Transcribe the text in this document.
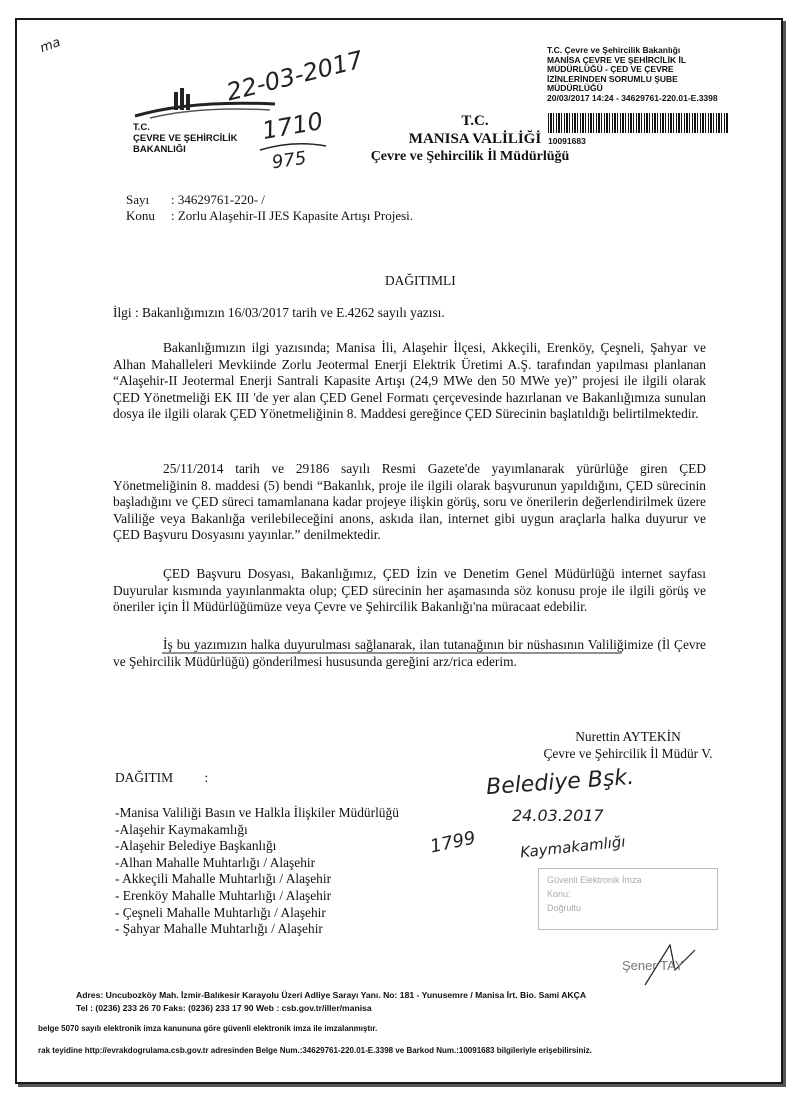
ma
T.C.
ÇEVRE VE ŞEHİRCİLİK
BAKANLIĞI
22-03-2017
1710
975
T.C.
MANISA VALİLİĞİ
Çevre ve Şehircilik İl Müdürlüğü
T.C. Çevre ve Şehircilik Bakanlığı
MANİSA ÇEVRE VE ŞEHİRCİLİK İL
MÜDÜRLÜĞÜ - ÇED VE ÇEVRE
İZİNLERİNDEN SORUMLU ŞUBE
MÜDÜRLÜĞÜ
20/03/2017 14:24 - 34629761-220.01-E.3398
10091683
Sayı : 34629761-220- /
Konu : Zorlu Alaşehir-II JES Kapasite Artışı Projesi.
DAĞITIMLI
İlgi : Bakanlığımızın 16/03/2017 tarih ve E.4262 sayılı yazısı.
Bakanlığımızın ilgi yazısında; Manisa İli, Alaşehir İlçesi, Akkeçili, Erenköy, Çeşneli, Şahyar ve Alhan Mahalleleri Mevkiinde Zorlu Jeotermal Enerji Elektrik Üretimi A.Ş. tarafından yapılması planlanan “Alaşehir-II Jeotermal Enerji Santrali Kapasite Artışı (24,9 MWe den 50 MWe ye)” projesi ile ilgili olarak ÇED Yönetmeliği EK III 'de yer alan ÇED Genel Formatı çerçevesinde hazırlanan ve Bakanlığımıza sunulan dosya ile ilgili olarak ÇED Yönetmeliğinin 8. Maddesi gereğince ÇED Sürecinin başlatıldığı belirtilmektedir.
25/11/2014 tarih ve 29186 sayılı Resmi Gazete'de yayımlanarak yürürlüğe giren ÇED Yönetmeliğinin 8. maddesi (5) bendi “Bakanlık, proje ile ilgili olarak başvurunun yapıldığını, ÇED sürecinin başladığını ve ÇED süreci tamamlanana kadar projeye ilişkin görüş, soru ve önerilerin değerlendirilmek üzere Valiliğe veya Bakanlığa verilebileceğini anons, askıda ilan, internet gibi uygun araçlarla halka duyurur ve ÇED Başvuru Dosyasını yayınlar.” denilmektedir.
ÇED Başvuru Dosyası, Bakanlığımız, ÇED İzin ve Denetim Genel Müdürlüğü internet sayfası Duyurular kısmında yayınlanmakta olup; ÇED sürecinin her aşamasında söz konusu proje ile ilgili görüş ve öneriler için İl Müdürlüğümüze veya Çevre ve Şehircilik Bakanlığı'na müracaat edebilir.
İş bu yazımızın halka duyurulması sağlanarak, ilan tutanağının bir nüshasının Valiliğimize (İl Çevre ve Şehircilik Müdürlüğü) gönderilmesi hususunda gereğini arz/rica ederim.
Nurettin AYTEKİN
Çevre ve Şehircilik İl Müdür V.
DAĞITIM :
-Manisa Valiliği Basın ve Halkla İlişkiler Müdürlüğü
-Alaşehir Kaymakamlığı
-Alaşehir Belediye Başkanlığı
-Alhan Mahalle Muhtarlığı / Alaşehir
- Akkeçili Mahalle Muhtarlığı / Alaşehir
- Erenköy Mahalle Muhtarlığı / Alaşehir
- Çeşneli Mahalle Muhtarlığı / Alaşehir
- Şahyar Mahalle Muhtarlığı / Alaşehir
Belediye Bşk.
24.03.2017
1799	Kaymakamlığı
Güvenli Elektronik İmza
Konu:
Doğrultu
Şener TAY
Adres: Uncubozköy Mah. İzmir-Balıkesir Karayolu Üzeri Adliye Sarayı Yanı. No: 181 - Yunusemre / Manisa İrt. Bio. Sami AKÇA
Tel : (0236) 233 26 70 Faks: (0236) 233 17 90 Web : csb.gov.tr/iller/manisa
belge 5070 sayılı elektronik imza kanununa göre güvenli elektronik imza ile imzalanmıştır.
rak teyidine http://evrakdogrulama.csb.gov.tr adresinden Belge Num.:34629761-220.01-E.3398 ve Barkod Num.:10091683 bilgileriyle erişebilirsiniz.
